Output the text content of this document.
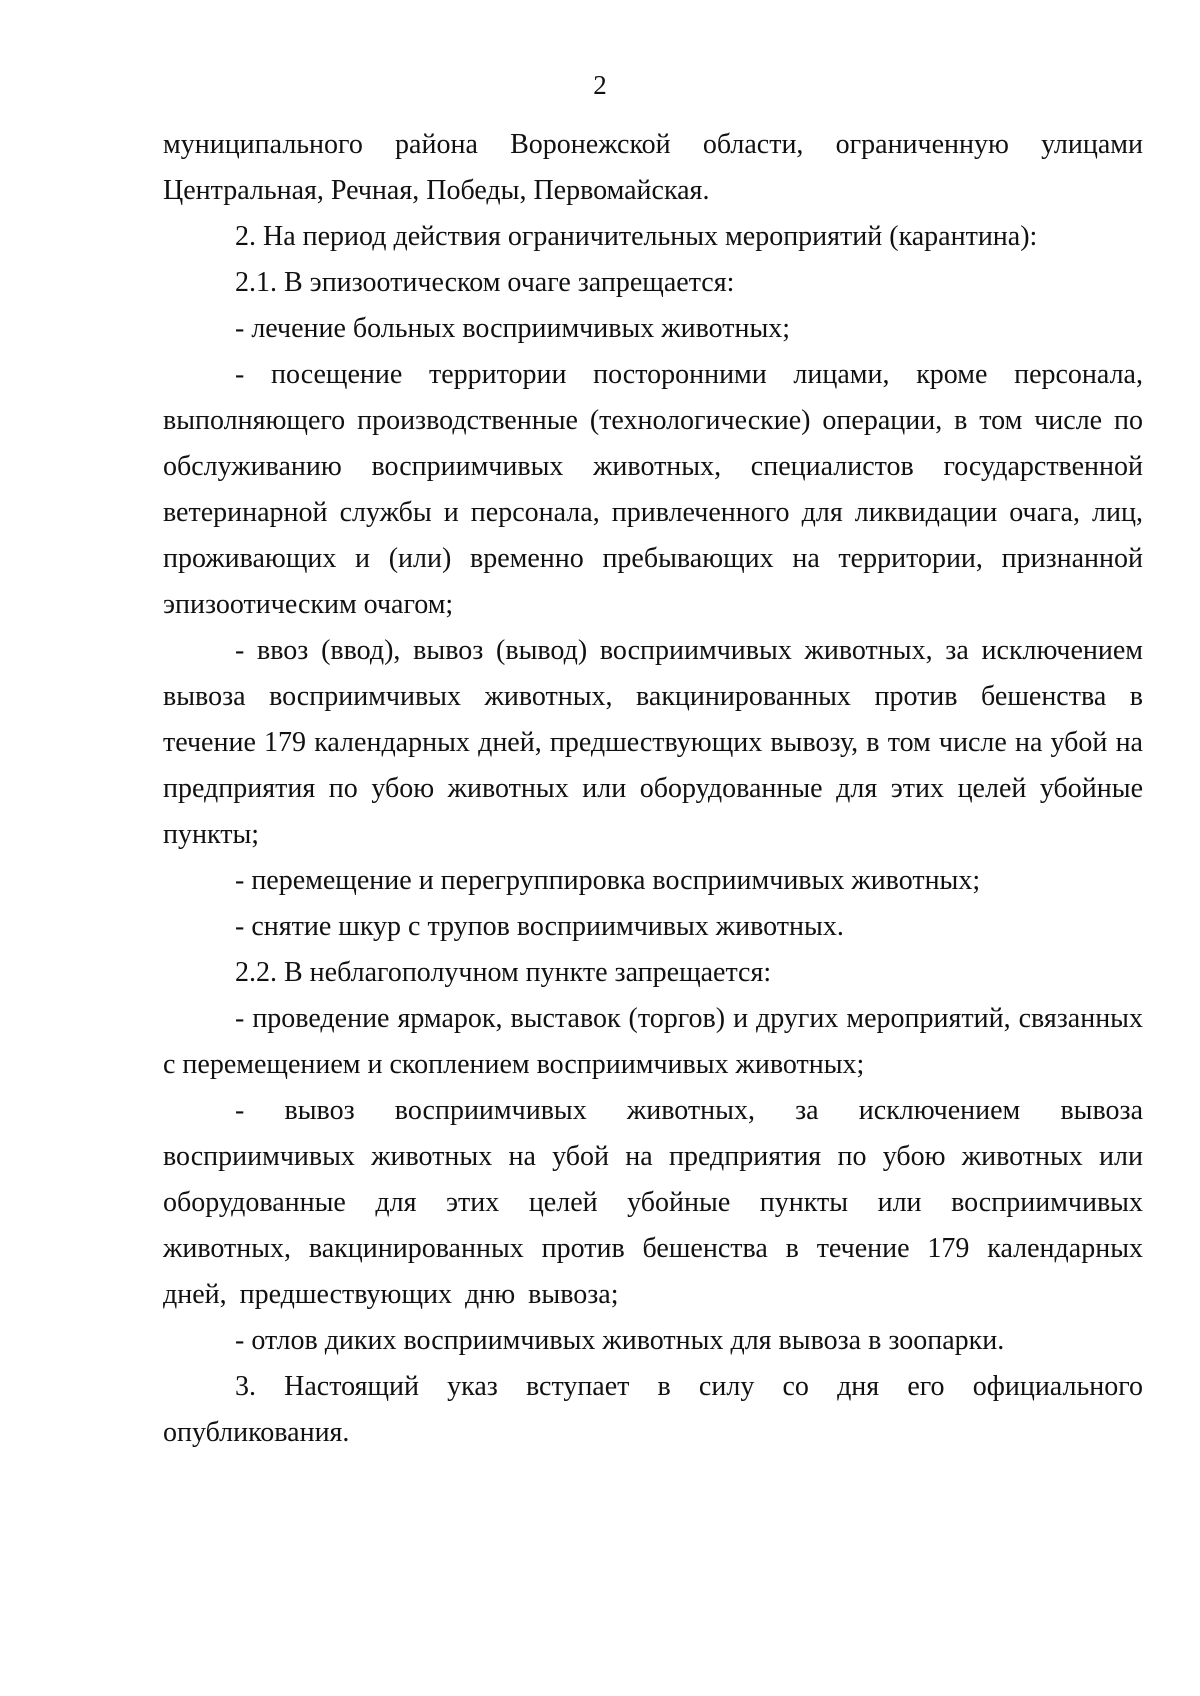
2

муниципального района Воронежской области, ограниченную улицами Центральная, Речная, Победы, Первомайская.

2. На период действия ограничительных мероприятий (карантина):

2.1. В эпизоотическом очаге запрещается:

- лечение больных восприимчивых животных;

- посещение территории посторонними лицами, кроме персонала, выполняющего производственные (технологические) операции, в том числе по обслуживанию восприимчивых животных, специалистов государственной ветеринарной службы и персонала, привлеченного для ликвидации очага, лиц, проживающих и (или) временно пребывающих на территории, признанной эпизоотическим очагом;

- ввоз (ввод), вывоз (вывод) восприимчивых животных, за исключением вывоза восприимчивых животных, вакцинированных против бешенства в течение 179 календарных дней, предшествующих вывозу, в том числе на убой на предприятия по убою животных или оборудованные для этих целей убойные пункты;

- перемещение и перегруппировка восприимчивых животных;

- снятие шкур с трупов восприимчивых животных.

2.2. В неблагополучном пункте запрещается:

- проведение ярмарок, выставок (торгов) и других мероприятий, связанных с перемещением и скоплением восприимчивых животных;

- вывоз восприимчивых животных, за исключением вывоза восприимчивых животных на убой на предприятия по убою животных или оборудованные для этих целей убойные пункты или восприимчивых животных, вакцинированных против бешенства в течение 179 календарных дней, предшествующих дню вывоза;

- отлов диких восприимчивых животных для вывоза в зоопарки.

3. Настоящий указ вступает в силу со дня его официального опубликования.
